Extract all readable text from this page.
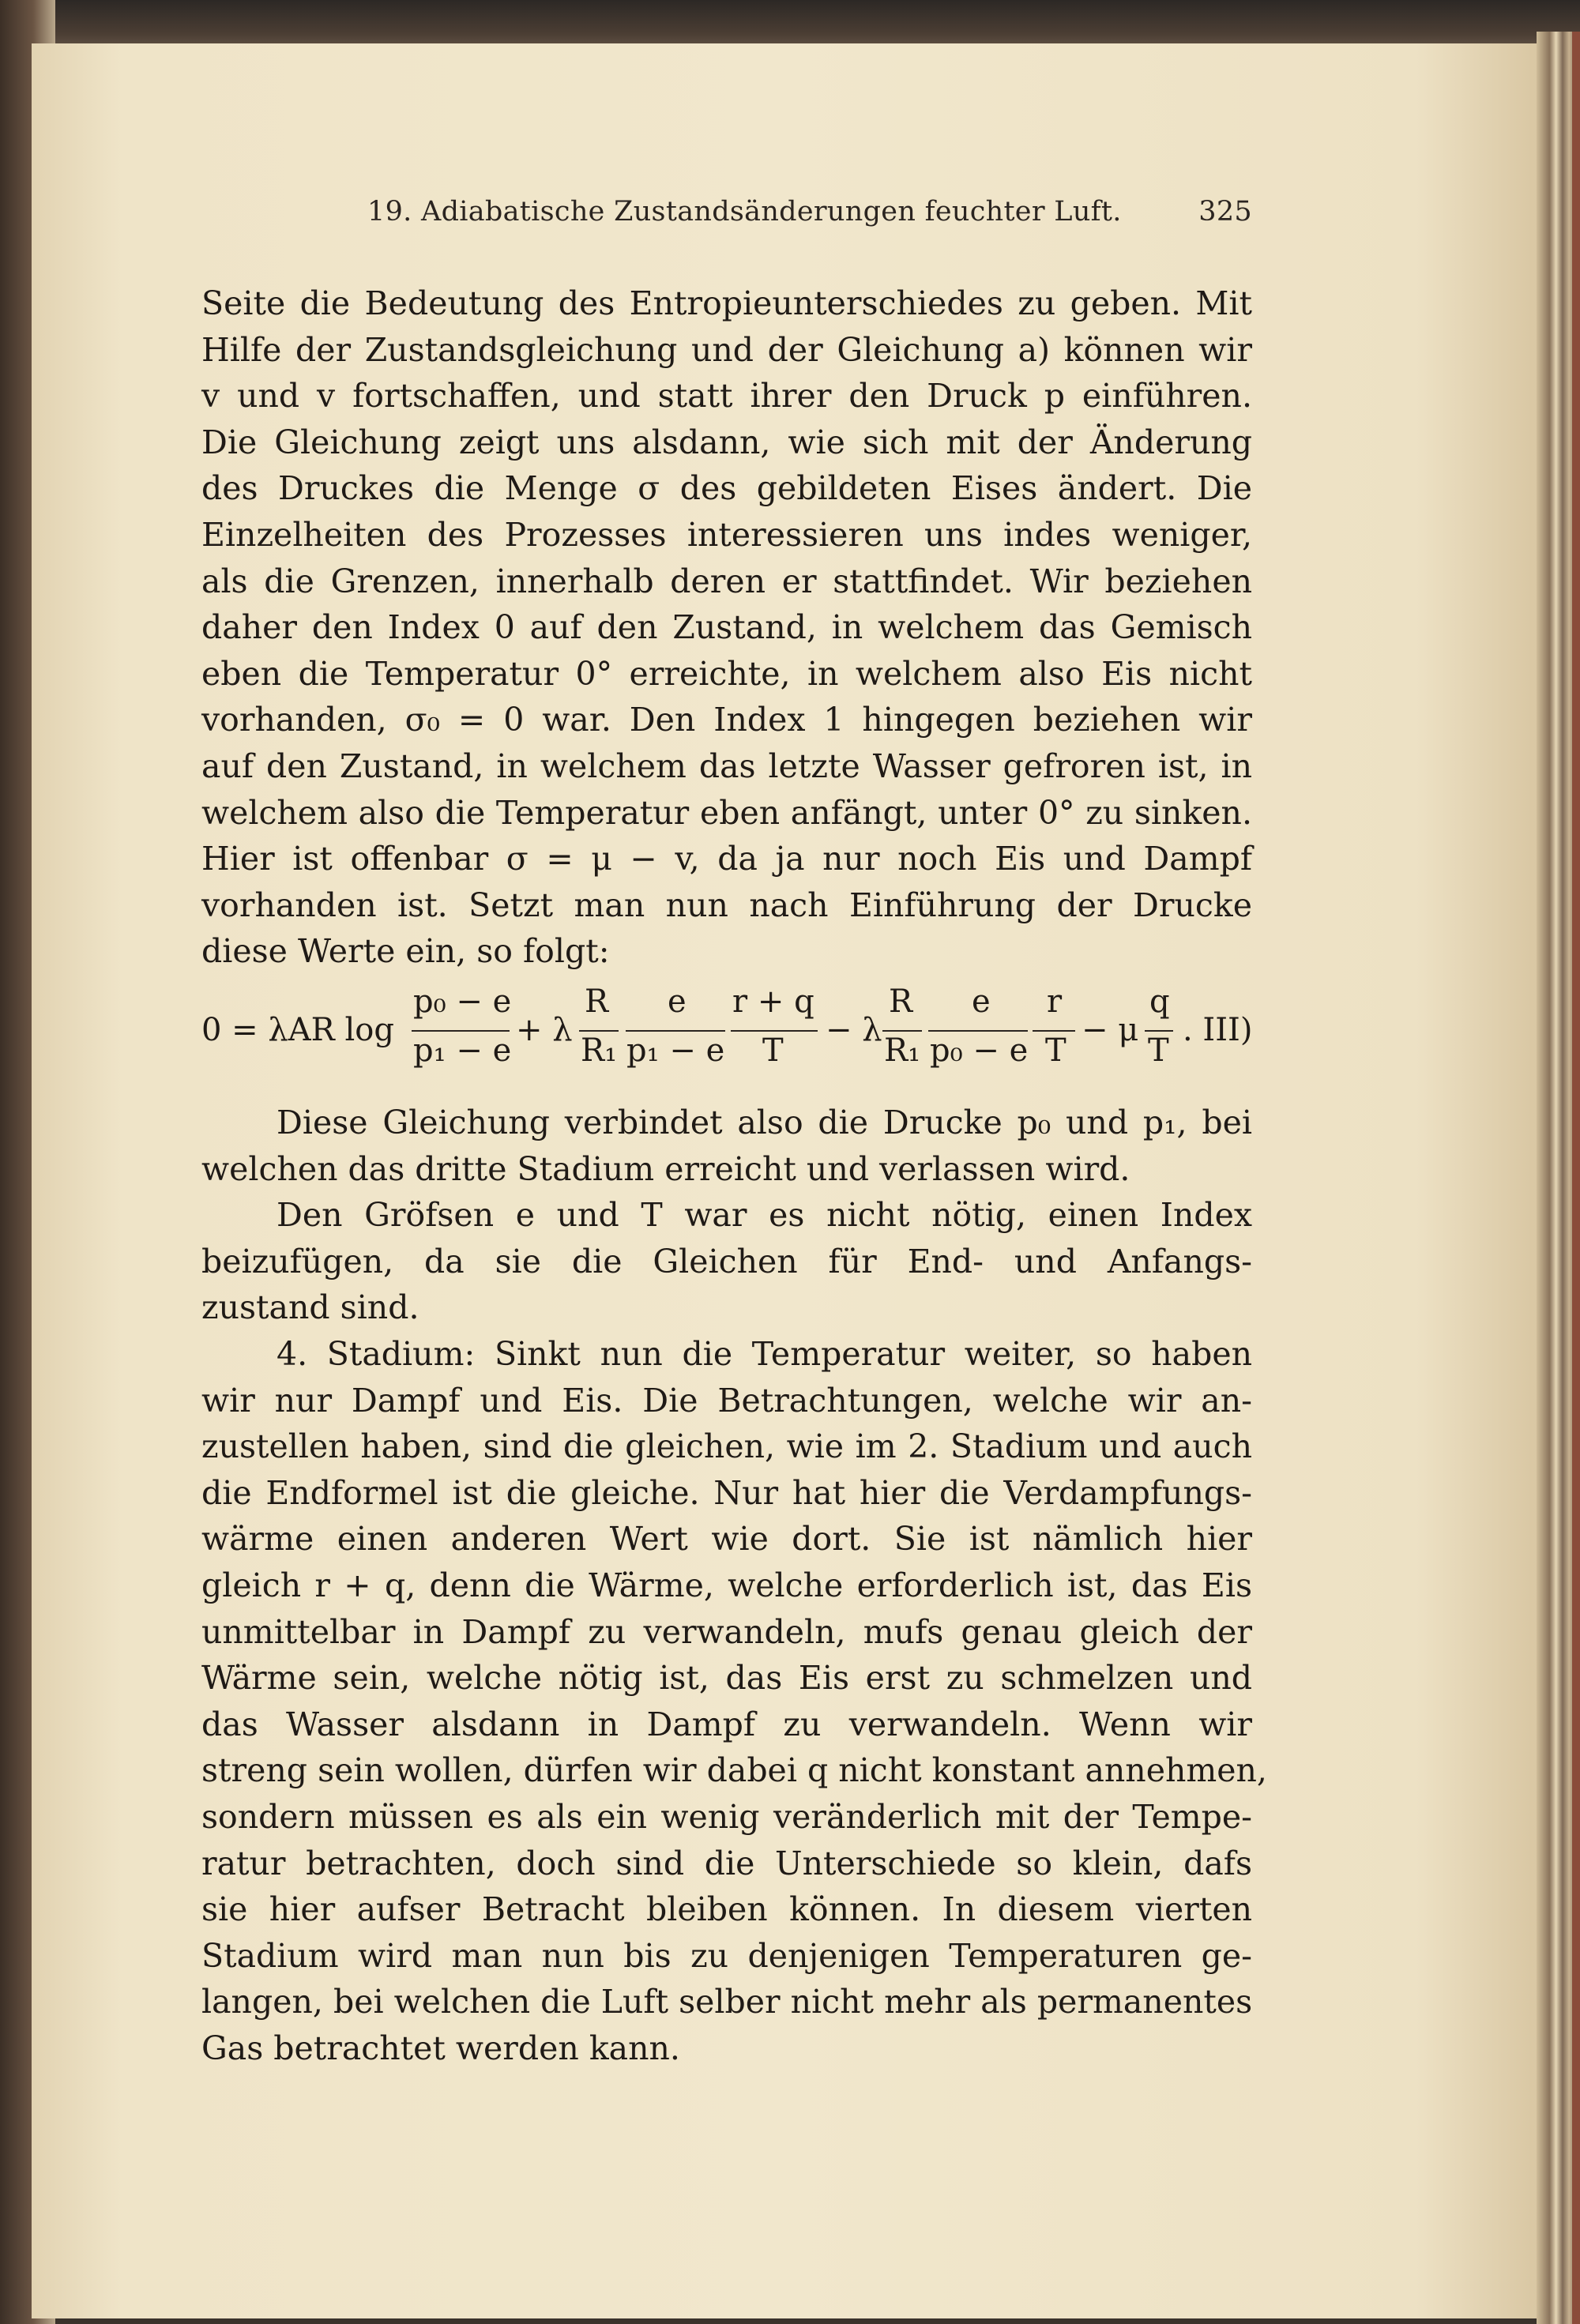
19. Adiabatische Zustandsänderungen feuchter Luft.	325
Seite die Bedeutung des Entropieunterschiedes zu geben. Mit
Hilfe der Zustandsgleichung und der Gleichung a) können wir
v und v fortschaffen, und statt ihrer den Druck p einführen.
Die Gleichung zeigt uns alsdann, wie sich mit der Änderung
des Druckes die Menge σ des gebildeten Eises ändert. Die
Einzelheiten des Prozesses interessieren uns indes weniger,
als die Grenzen, innerhalb deren er stattfindet. Wir beziehen
daher den Index 0 auf den Zustand, in welchem das Gemisch
eben die Temperatur 0° erreichte, in welchem also Eis nicht
vorhanden, σ₀ = 0 war. Den Index 1 hingegen beziehen wir
auf den Zustand, in welchem das letzte Wasser gefroren ist, in
welchem also die Temperatur eben anfängt, unter 0° zu sinken.
Hier ist offenbar σ = μ − v, da ja nur noch Eis und Dampf
vorhanden ist. Setzt man nun nach Einführung der Drucke
diese Werte ein, so folgt:
0 = λAR log
p₀ − e
p₁ − e
+ λ
R
R₁
e
p₁ − e
r + q
T
− λ
R
R₁
e
p₀ − e
r
T
− μ
q
T
. III)
Diese Gleichung verbindet also die Drucke p₀ und p₁, bei
welchen das dritte Stadium erreicht und verlassen wird.
Den Gröfsen e und T war es nicht nötig, einen Index
beizufügen, da sie die Gleichen für End- und Anfangs-
zustand sind.
4. Stadium: Sinkt nun die Temperatur weiter, so haben
wir nur Dampf und Eis. Die Betrachtungen, welche wir an-
zustellen haben, sind die gleichen, wie im 2. Stadium und auch
die Endformel ist die gleiche. Nur hat hier die Verdampfungs-
wärme einen anderen Wert wie dort. Sie ist nämlich hier
gleich r + q, denn die Wärme, welche erforderlich ist, das Eis
unmittelbar in Dampf zu verwandeln, mufs genau gleich der
Wärme sein, welche nötig ist, das Eis erst zu schmelzen und
das Wasser alsdann in Dampf zu verwandeln. Wenn wir
streng sein wollen, dürfen wir dabei q nicht konstant annehmen,
sondern müssen es als ein wenig veränderlich mit der Tempe-
ratur betrachten, doch sind die Unterschiede so klein, dafs
sie hier aufser Betracht bleiben können. In diesem vierten
Stadium wird man nun bis zu denjenigen Temperaturen ge-
langen, bei welchen die Luft selber nicht mehr als permanentes
Gas betrachtet werden kann.
